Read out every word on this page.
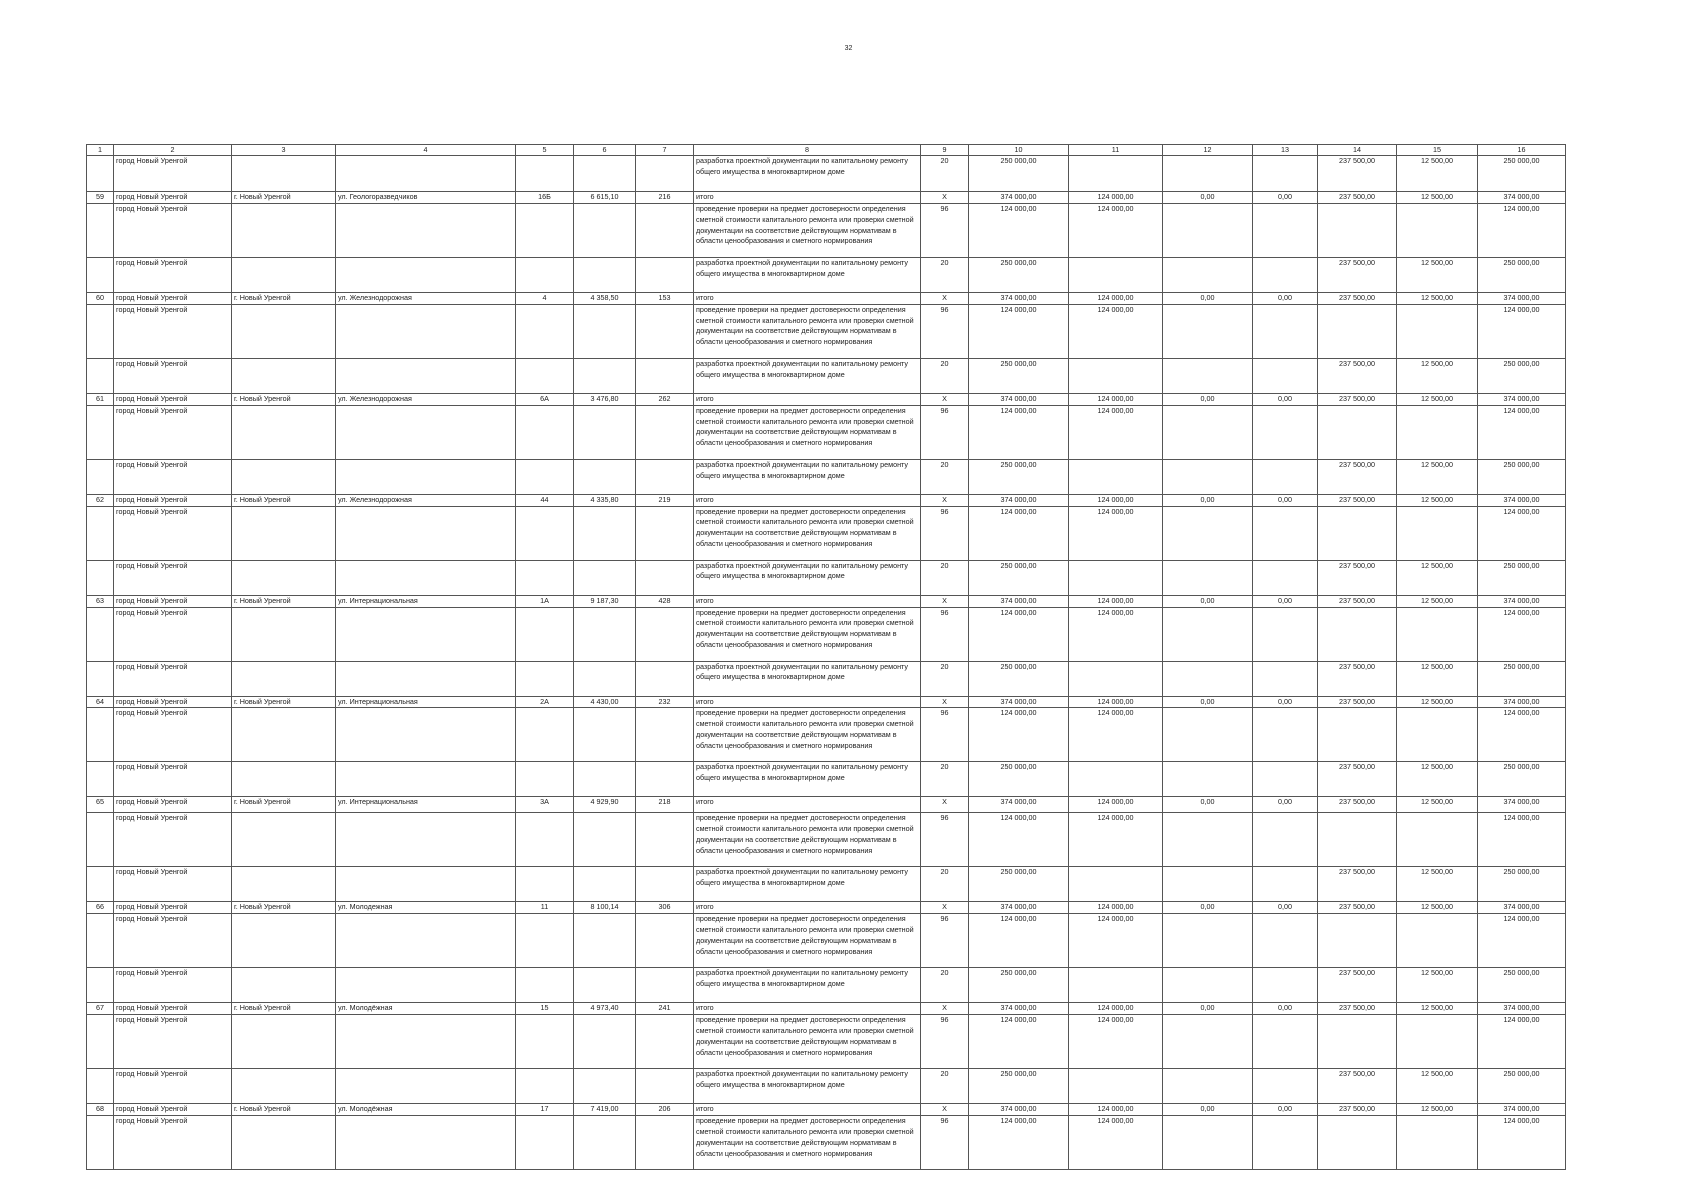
32
1	2	3	4	5	6	7	8	9	10	11	12	13	14	15	16
	город Новый Уренгой						разработка проектной документации по капитальному ремонту общего имущества в многоквартирном доме	20	250 000,00				237 500,00	12 500,00	250 000,00
59	город Новый Уренгой	г. Новый Уренгой	ул. Геологоразведчиков	16Б	6 615,10	216	итого	X	374 000,00	124 000,00	0,00	0,00	237 500,00	12 500,00	374 000,00
	город Новый Уренгой						проведение проверки на предмет достоверности определения сметной стоимости капитального ремонта или проверки сметной документации на соответствие действующим нормативам в области ценообразования и сметного нормирования	96	124 000,00	124 000,00					124 000,00
	город Новый Уренгой						разработка проектной документации по капитальному ремонту общего имущества в многоквартирном доме	20	250 000,00				237 500,00	12 500,00	250 000,00
60	город Новый Уренгой	г. Новый Уренгой	ул. Железнодорожная	4	4 358,50	153	итого	X	374 000,00	124 000,00	0,00	0,00	237 500,00	12 500,00	374 000,00
	город Новый Уренгой						проведение проверки на предмет достоверности определения сметной стоимости капитального ремонта или проверки сметной документации на соответствие действующим нормативам в области ценообразования и сметного нормирования	96	124 000,00	124 000,00					124 000,00
	город Новый Уренгой						разработка проектной документации по капитальному ремонту общего имущества в многоквартирном доме	20	250 000,00				237 500,00	12 500,00	250 000,00
61	город Новый Уренгой	г. Новый Уренгой	ул. Железнодорожная	6А	3 476,80	262	итого	X	374 000,00	124 000,00	0,00	0,00	237 500,00	12 500,00	374 000,00
	город Новый Уренгой						проведение проверки на предмет достоверности определения сметной стоимости капитального ремонта или проверки сметной документации на соответствие действующим нормативам в области ценообразования и сметного нормирования	96	124 000,00	124 000,00					124 000,00
	город Новый Уренгой						разработка проектной документации по капитальному ремонту общего имущества в многоквартирном доме	20	250 000,00				237 500,00	12 500,00	250 000,00
62	город Новый Уренгой	г. Новый Уренгой	ул. Железнодорожная	44	4 335,80	219	итого	X	374 000,00	124 000,00	0,00	0,00	237 500,00	12 500,00	374 000,00
	город Новый Уренгой						проведение проверки на предмет достоверности определения сметной стоимости капитального ремонта или проверки сметной документации на соответствие действующим нормативам в области ценообразования и сметного нормирования	96	124 000,00	124 000,00					124 000,00
	город Новый Уренгой						разработка проектной документации по капитальному ремонту общего имущества в многоквартирном доме	20	250 000,00				237 500,00	12 500,00	250 000,00
63	город Новый Уренгой	г. Новый Уренгой	ул. Интернациональная	1А	9 187,30	428	итого	X	374 000,00	124 000,00	0,00	0,00	237 500,00	12 500,00	374 000,00
	город Новый Уренгой						проведение проверки на предмет достоверности определения сметной стоимости капитального ремонта или проверки сметной документации на соответствие действующим нормативам в области ценообразования и сметного нормирования	96	124 000,00	124 000,00					124 000,00
	город Новый Уренгой						разработка проектной документации по капитальному ремонту общего имущества в многоквартирном доме	20	250 000,00				237 500,00	12 500,00	250 000,00
64	город Новый Уренгой	г. Новый Уренгой	ул. Интернациональная	2А	4 430,00	232	итого	X	374 000,00	124 000,00	0,00	0,00	237 500,00	12 500,00	374 000,00
	город Новый Уренгой						проведение проверки на предмет достоверности определения сметной стоимости капитального ремонта или проверки сметной документации на соответствие действующим нормативам в области ценообразования и сметного нормирования	96	124 000,00	124 000,00					124 000,00
	город Новый Уренгой						разработка проектной документации по капитальному ремонту общего имущества в многоквартирном доме	20	250 000,00				237 500,00	12 500,00	250 000,00
65	город Новый Уренгой	г. Новый Уренгой	ул. Интернациональная	3А	4 929,90	218	итого	X	374 000,00	124 000,00	0,00	0,00	237 500,00	12 500,00	374 000,00
	город Новый Уренгой						проведение проверки на предмет достоверности определения сметной стоимости капитального ремонта или проверки сметной документации на соответствие действующим нормативам в области ценообразования и сметного нормирования	96	124 000,00	124 000,00					124 000,00
	город Новый Уренгой						разработка проектной документации по капитальному ремонту общего имущества в многоквартирном доме	20	250 000,00				237 500,00	12 500,00	250 000,00
66	город Новый Уренгой	г. Новый Уренгой	ул. Молодежная	11	8 100,14	306	итого	X	374 000,00	124 000,00	0,00	0,00	237 500,00	12 500,00	374 000,00
	город Новый Уренгой						проведение проверки на предмет достоверности определения сметной стоимости капитального ремонта или проверки сметной документации на соответствие действующим нормативам в области ценообразования и сметного нормирования	96	124 000,00	124 000,00					124 000,00
	город Новый Уренгой						разработка проектной документации по капитальному ремонту общего имущества в многоквартирном доме	20	250 000,00				237 500,00	12 500,00	250 000,00
67	город Новый Уренгой	г. Новый Уренгой	ул. Молодёжная	15	4 973,40	241	итого	X	374 000,00	124 000,00	0,00	0,00	237 500,00	12 500,00	374 000,00
	город Новый Уренгой						проведение проверки на предмет достоверности определения сметной стоимости капитального ремонта или проверки сметной документации на соответствие действующим нормативам в области ценообразования и сметного нормирования	96	124 000,00	124 000,00					124 000,00
	город Новый Уренгой						разработка проектной документации по капитальному ремонту общего имущества в многоквартирном доме	20	250 000,00				237 500,00	12 500,00	250 000,00
68	город Новый Уренгой	г. Новый Уренгой	ул. Молодёжная	17	7 419,00	206	итого	X	374 000,00	124 000,00	0,00	0,00	237 500,00	12 500,00	374 000,00
	город Новый Уренгой						проведение проверки на предмет достоверности определения сметной стоимости капитального ремонта или проверки сметной документации на соответствие действующим нормативам в области ценообразования и сметного нормирования	96	124 000,00	124 000,00					124 000,00
